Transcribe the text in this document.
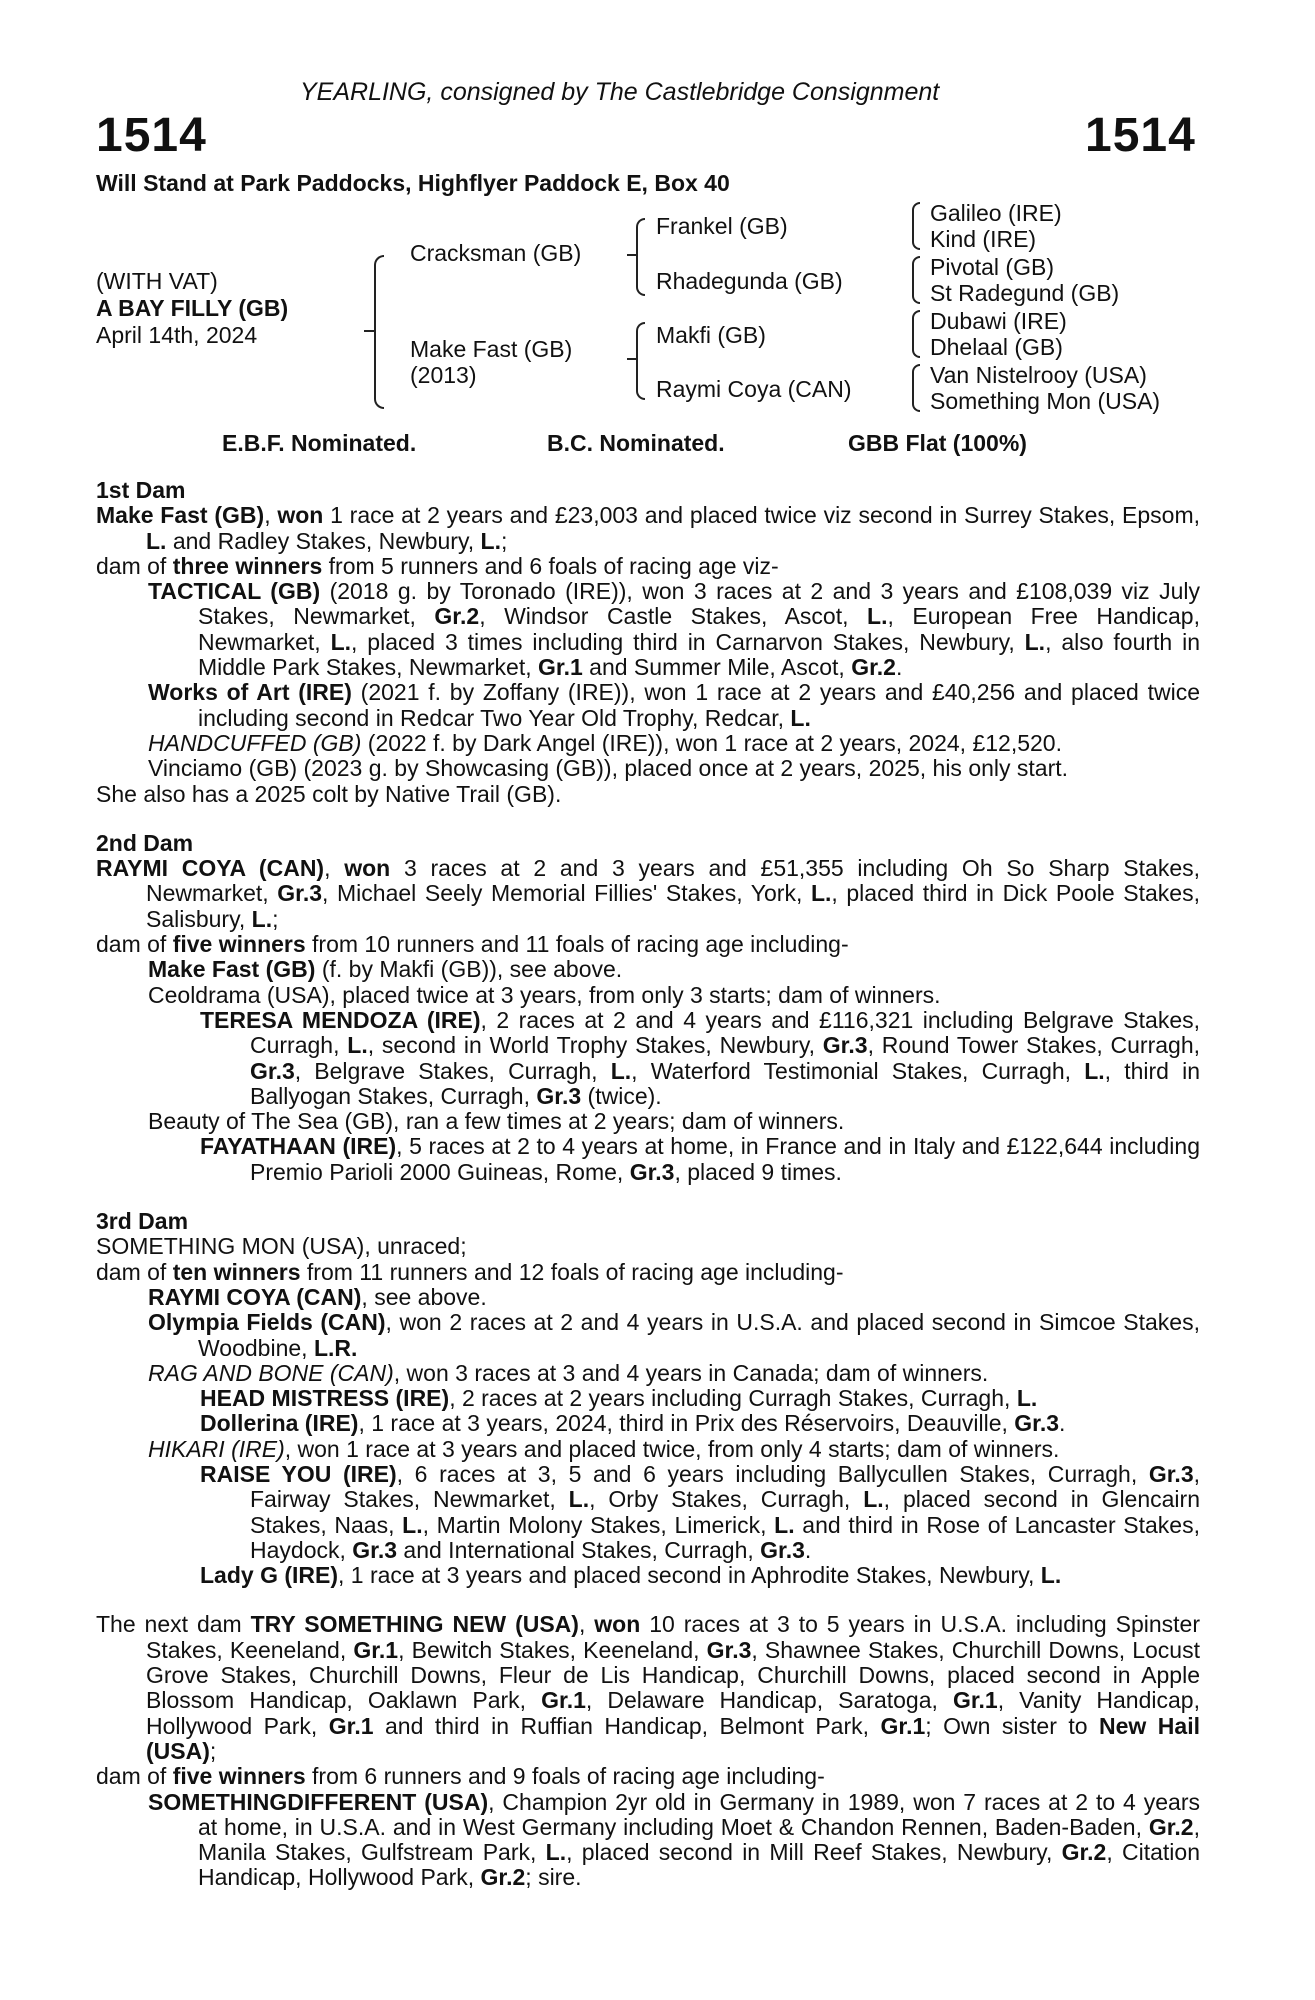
YEARLING, consigned by The Castlebridge Consignment
1514	1514
Will Stand at Park Paddocks, Highflyer Paddock E, Box 40
(WITH VAT)
A BAY FILLY (GB)
April 14th, 2024
Cracksman (GB)
Make Fast (GB)
(2013)
Frankel (GB)
Rhadegunda (GB)
Makfi (GB)
Raymi Coya (CAN)
Galileo (IRE)
Kind (IRE)
Pivotal (GB)
St Radegund (GB)
Dubawi (IRE)
Dhelaal (GB)
Van Nistelrooy (USA)
Something Mon (USA)
E.B.F. Nominated.	B.C. Nominated.	GBB Flat (100%)
1st Dam
Make Fast (GB), won 1 race at 2 years and £23,003 and placed twice viz second in Surrey Stakes, Epsom, L. and Radley Stakes, Newbury, L.;
dam of three winners from 5 runners and 6 foals of racing age viz-
TACTICAL (GB) (2018 g. by Toronado (IRE)), won 3 races at 2 and 3 years and £108,039 viz July Stakes, Newmarket, Gr.2, Windsor Castle Stakes, Ascot, L., European Free Handicap, Newmarket, L., placed 3 times including third in Carnarvon Stakes, Newbury, L., also fourth in Middle Park Stakes, Newmarket, Gr.1 and Summer Mile, Ascot, Gr.2.
Works of Art (IRE) (2021 f. by Zoffany (IRE)), won 1 race at 2 years and £40,256 and placed twice including second in Redcar Two Year Old Trophy, Redcar, L.
HANDCUFFED (GB) (2022 f. by Dark Angel (IRE)), won 1 race at 2 years, 2024, £12,520.
Vinciamo (GB) (2023 g. by Showcasing (GB)), placed once at 2 years, 2025, his only start.
She also has a 2025 colt by Native Trail (GB).
2nd Dam
RAYMI COYA (CAN), won 3 races at 2 and 3 years and £51,355 including Oh So Sharp Stakes, Newmarket, Gr.3, Michael Seely Memorial Fillies' Stakes, York, L., placed third in Dick Poole Stakes, Salisbury, L.;
dam of five winners from 10 runners and 11 foals of racing age including-
Make Fast (GB) (f. by Makfi (GB)), see above.
Ceoldrama (USA), placed twice at 3 years, from only 3 starts; dam of winners.
TERESA MENDOZA (IRE), 2 races at 2 and 4 years and £116,321 including Belgrave Stakes, Curragh, L., second in World Trophy Stakes, Newbury, Gr.3, Round Tower Stakes, Curragh, Gr.3, Belgrave Stakes, Curragh, L., Waterford Testimonial Stakes, Curragh, L., third in Ballyogan Stakes, Curragh, Gr.3 (twice).
Beauty of The Sea (GB), ran a few times at 2 years; dam of winners.
FAYATHAAN (IRE), 5 races at 2 to 4 years at home, in France and in Italy and £122,644 including Premio Parioli 2000 Guineas, Rome, Gr.3, placed 9 times.
3rd Dam
SOMETHING MON (USA), unraced;
dam of ten winners from 11 runners and 12 foals of racing age including-
RAYMI COYA (CAN), see above.
Olympia Fields (CAN), won 2 races at 2 and 4 years in U.S.A. and placed second in Simcoe Stakes, Woodbine, L.R.
RAG AND BONE (CAN), won 3 races at 3 and 4 years in Canada; dam of winners.
HEAD MISTRESS (IRE), 2 races at 2 years including Curragh Stakes, Curragh, L.
Dollerina (IRE), 1 race at 3 years, 2024, third in Prix des Réservoirs, Deauville, Gr.3.
HIKARI (IRE), won 1 race at 3 years and placed twice, from only 4 starts; dam of winners.
RAISE YOU (IRE), 6 races at 3, 5 and 6 years including Ballycullen Stakes, Curragh, Gr.3, Fairway Stakes, Newmarket, L., Orby Stakes, Curragh, L., placed second in Glencairn Stakes, Naas, L., Martin Molony Stakes, Limerick, L. and third in Rose of Lancaster Stakes, Haydock, Gr.3 and International Stakes, Curragh, Gr.3.
Lady G (IRE), 1 race at 3 years and placed second in Aphrodite Stakes, Newbury, L.
The next dam TRY SOMETHING NEW (USA), won 10 races at 3 to 5 years in U.S.A. including Spinster Stakes, Keeneland, Gr.1, Bewitch Stakes, Keeneland, Gr.3, Shawnee Stakes, Churchill Downs, Locust Grove Stakes, Churchill Downs, Fleur de Lis Handicap, Churchill Downs, placed second in Apple Blossom Handicap, Oaklawn Park, Gr.1, Delaware Handicap, Saratoga, Gr.1, Vanity Handicap, Hollywood Park, Gr.1 and third in Ruffian Handicap, Belmont Park, Gr.1; Own sister to New Hail (USA);
dam of five winners from 6 runners and 9 foals of racing age including-
SOMETHINGDIFFERENT (USA), Champion 2yr old in Germany in 1989, won 7 races at 2 to 4 years at home, in U.S.A. and in West Germany including Moet & Chandon Rennen, Baden-Baden, Gr.2, Manila Stakes, Gulfstream Park, L., placed second in Mill Reef Stakes, Newbury, Gr.2, Citation Handicap, Hollywood Park, Gr.2; sire.
